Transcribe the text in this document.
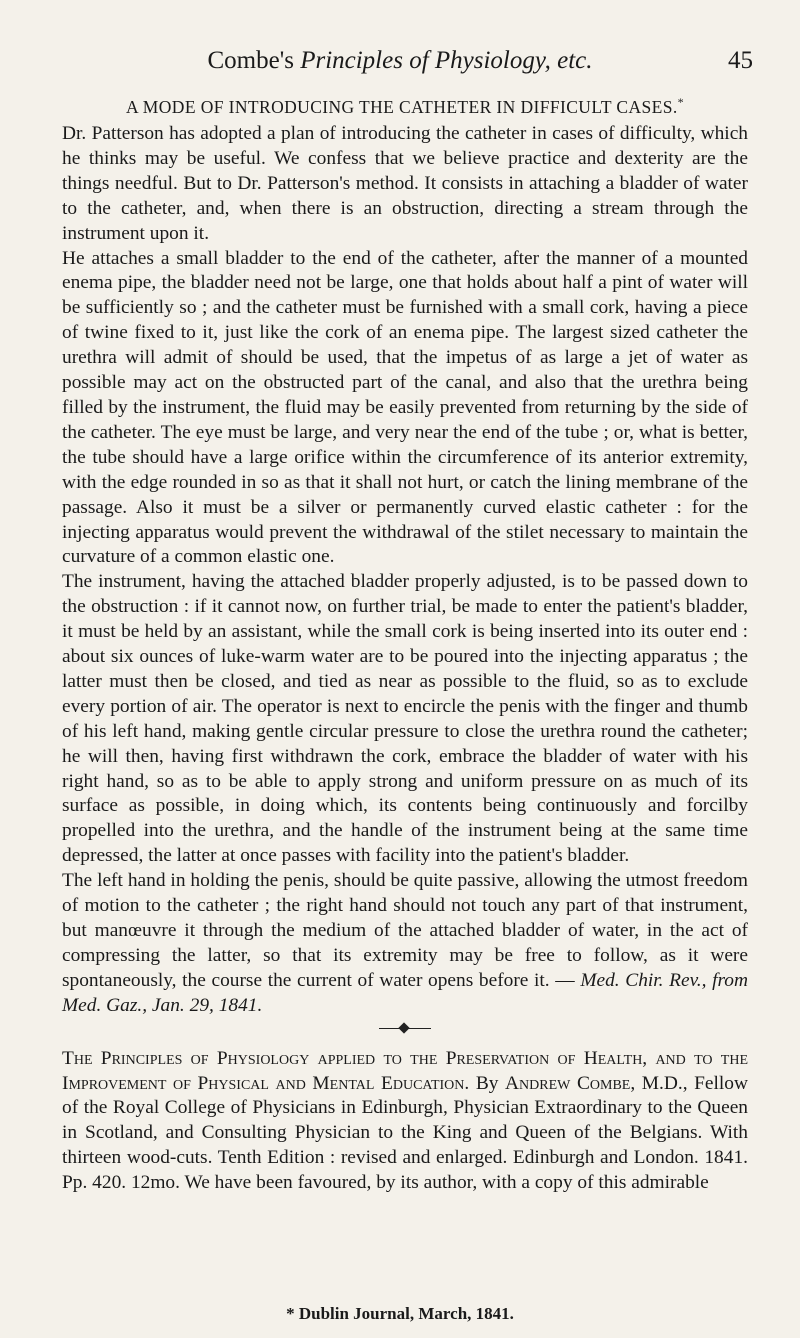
Combe's Principles of Physiology, etc.	45
A MODE OF INTRODUCING THE CATHETER IN DIFFICULT CASES.*

Dr. Patterson has adopted a plan of introducing the catheter in cases of difficulty, which he thinks may be useful. We confess that we believe practice and dexterity are the things needful. But to Dr. Patterson's method. It consists in attaching a bladder of water to the catheter, and, when there is an obstruction, directing a stream through the instrument upon it.

He attaches a small bladder to the end of the catheter, after the manner of a mounted enema pipe, the bladder need not be large, one that holds about half a pint of water will be sufficiently so ; and the catheter must be furnished with a small cork, having a piece of twine fixed to it, just like the cork of an enema pipe. The largest sized catheter the urethra will admit of should be used, that the impetus of as large a jet of water as possible may act on the obstructed part of the canal, and also that the urethra being filled by the instrument, the fluid may be easily prevented from returning by the side of the catheter. The eye must be large, and very near the end of the tube ; or, what is better, the tube should have a large orifice within the circumference of its anterior extremity, with the edge rounded in so as that it shall not hurt, or catch the lining membrane of the passage. Also it must be a silver or permanently curved elastic catheter : for the injecting apparatus would prevent the withdrawal of the stilet necessary to maintain the curvature of a common elastic one.

The instrument, having the attached bladder properly adjusted, is to be passed down to the obstruction : if it cannot now, on further trial, be made to enter the patient's bladder, it must be held by an assistant, while the small cork is being inserted into its outer end : about six ounces of luke-warm water are to be poured into the injecting apparatus ; the latter must then be closed, and tied as near as possible to the fluid, so as to exclude every portion of air. The operator is next to encircle the penis with the finger and thumb of his left hand, making gentle circular pressure to close the urethra round the catheter; he will then, having first withdrawn the cork, embrace the bladder of water with his right hand, so as to be able to apply strong and uniform pressure on as much of its surface as possible, in doing which, its contents being continuously and forcilby propelled into the urethra, and the handle of the instrument being at the same time depressed, the latter at once passes with facility into the patient's bladder.

The left hand in holding the penis, should be quite passive, allowing the utmost freedom of motion to the catheter ; the right hand should not touch any part of that instrument, but manœuvre it through the medium of the attached bladder of water, in the act of compressing the latter, so that its extremity may be free to follow, as it were spontaneously, the course the current of water opens before it. — Med. Chir. Rev., from Med. Gaz., Jan. 29, 1841.

The Principles of Physiology applied to the Preservation of Health, and to the Improvement of Physical and Mental Education. By Andrew Combe, M.D., Fellow of the Royal College of Physicians in Edinburgh, Physician Extraordinary to the Queen in Scotland, and Consulting Physician to the King and Queen of the Belgians. With thirteen wood-cuts. Tenth Edition : revised and enlarged. Edinburgh and London. 1841. Pp. 420. 12mo. We have been favoured, by its author, with a copy of this admirable

* Dublin Journal, March, 1841.
